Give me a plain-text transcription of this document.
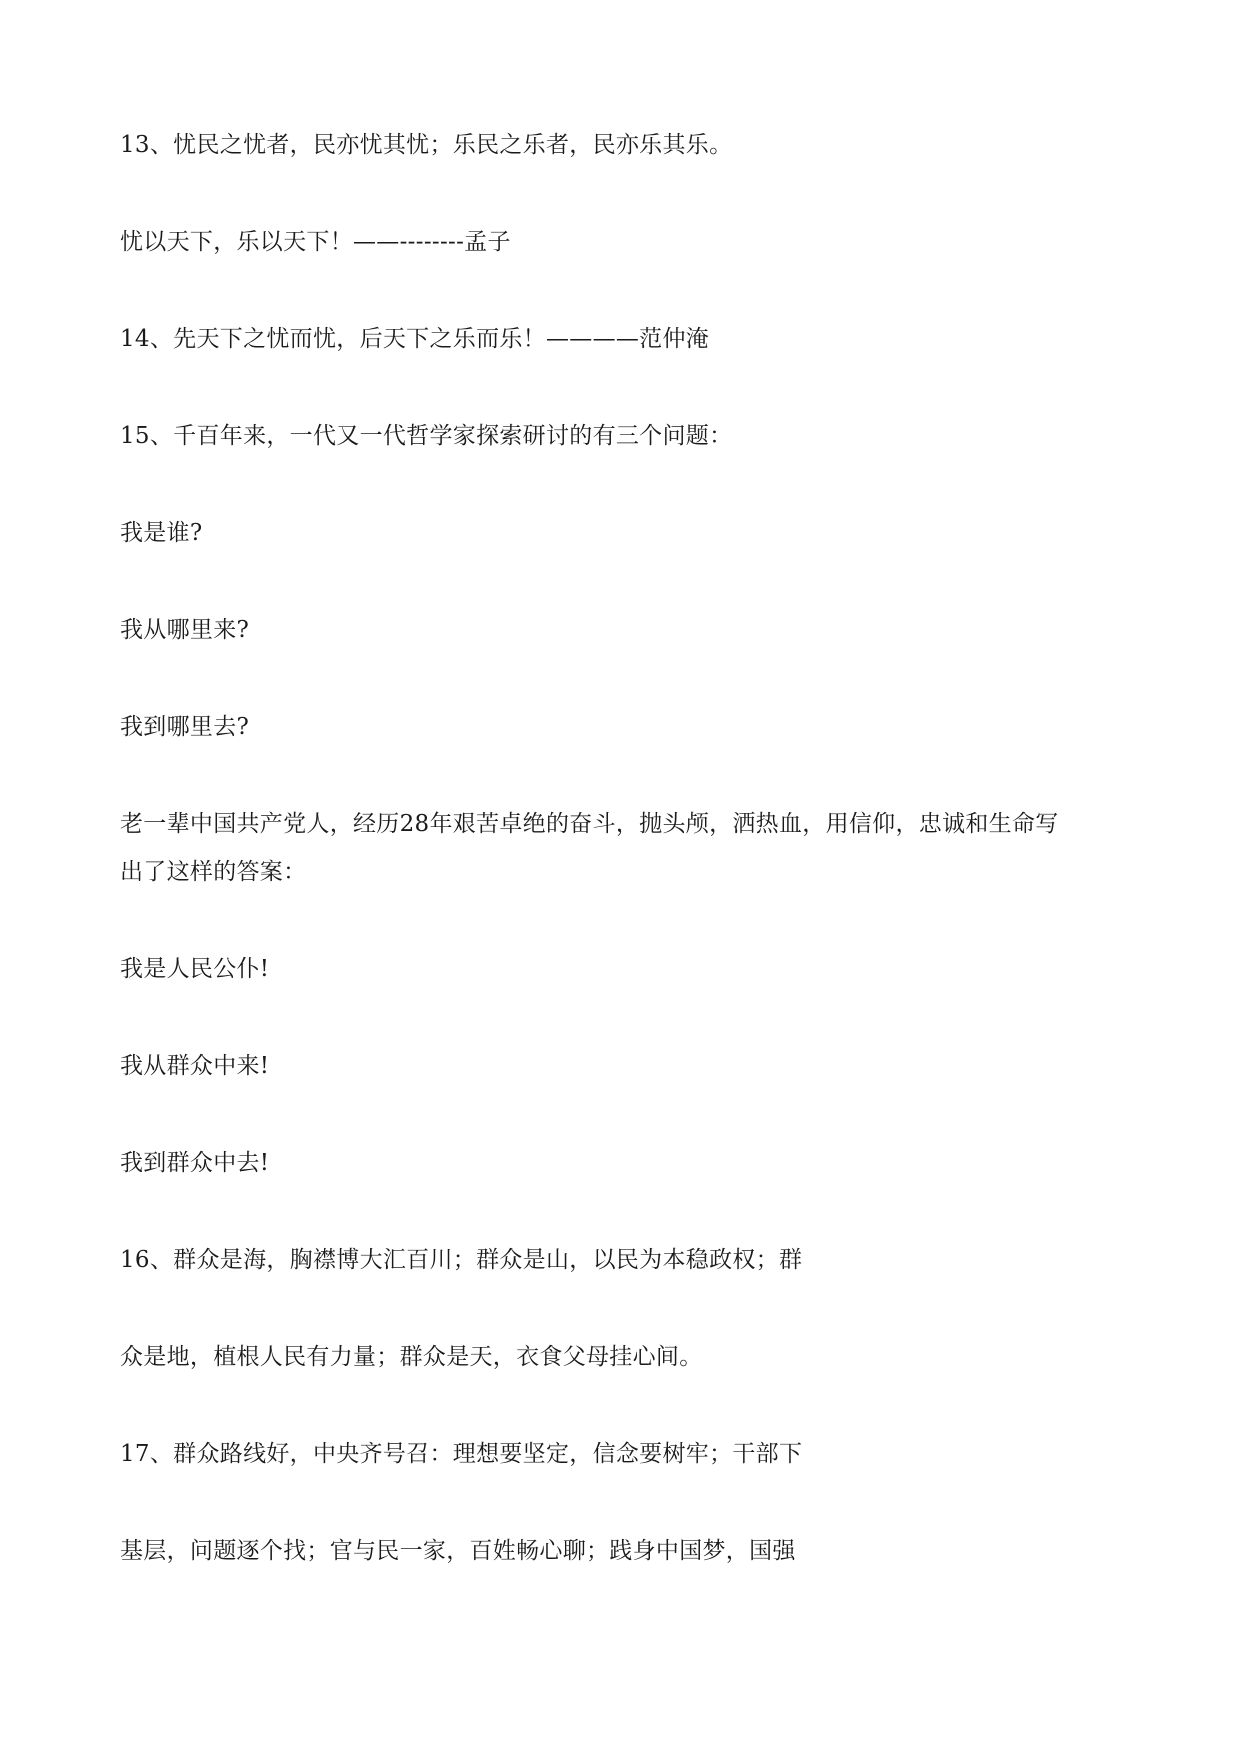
13、忧民之忧者，民亦忧其忧；乐民之乐者，民亦乐其乐。
忧以天下，乐以天下！——--------孟子
14、先天下之忧而忧，后天下之乐而乐！————范仲淹
15、千百年来，一代又一代哲学家探索研讨的有三个问题：
我是谁?
我从哪里来?
我到哪里去?
老一辈中国共产党人，经历28年艰苦卓绝的奋斗，抛头颅，洒热血，用信仰，忠诚和生命写
出了这样的答案：
我是人民公仆!
我从群众中来!
我到群众中去!
16、群众是海，胸襟博大汇百川；群众是山，以民为本稳政权；群
众是地，植根人民有力量；群众是天，衣食父母挂心间。
17、群众路线好，中央齐号召：理想要坚定，信念要树牢；干部下
基层，问题逐个找；官与民一家，百姓畅心聊；践身中国梦，国强
